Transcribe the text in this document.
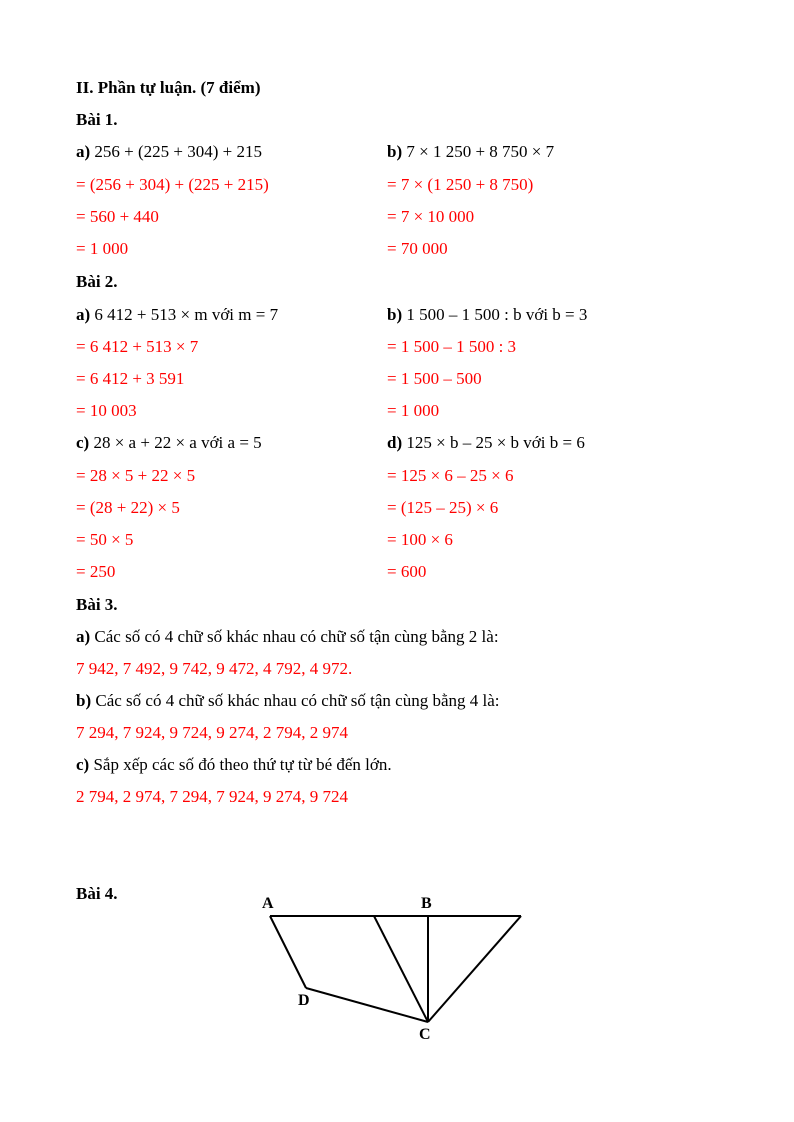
II. Phần tự luận. (7 điểm)
Bài 1.
a) 256 + (225 + 304) + 215
= (256 + 304) + (225 + 215)
= 560 + 440
= 1 000
b) 7 × 1 250 + 8 750 × 7
= 7 × (1 250 + 8 750)
= 7 × 10 000
= 70 000
Bài 2.
a) 6 412 + 513 × m với m = 7
= 6 412 + 513 × 7
= 6 412 + 3 591
= 10 003
b) 1 500 – 1 500 : b với b = 3
= 1 500 – 1 500 : 3
= 1 500 – 500
= 1 000
c) 28 × a + 22 × a với a = 5
= 28 × 5 + 22 × 5
= (28 + 22) × 5
= 50 × 5
= 250
d) 125 × b – 25 × b với b = 6
= 125 × 6 – 25 × 6
= (125 – 25) × 6
= 100 × 6
= 600
Bài 3.
a) Các số có 4 chữ số khác nhau có chữ số tận cùng bằng 2 là:
7 942, 7 492, 9 742, 9 472, 4 792, 4 972.
b) Các số có 4 chữ số khác nhau có chữ số tận cùng bằng 4 là:
7 294, 7 924, 9 724, 9 274, 2 794, 2 974
c) Sắp xếp các số đó theo thứ tự từ bé đến lớn.
2 794, 2 974, 7 294, 7 924, 9 274, 9 724
Bài 4.
A	B
D
C
